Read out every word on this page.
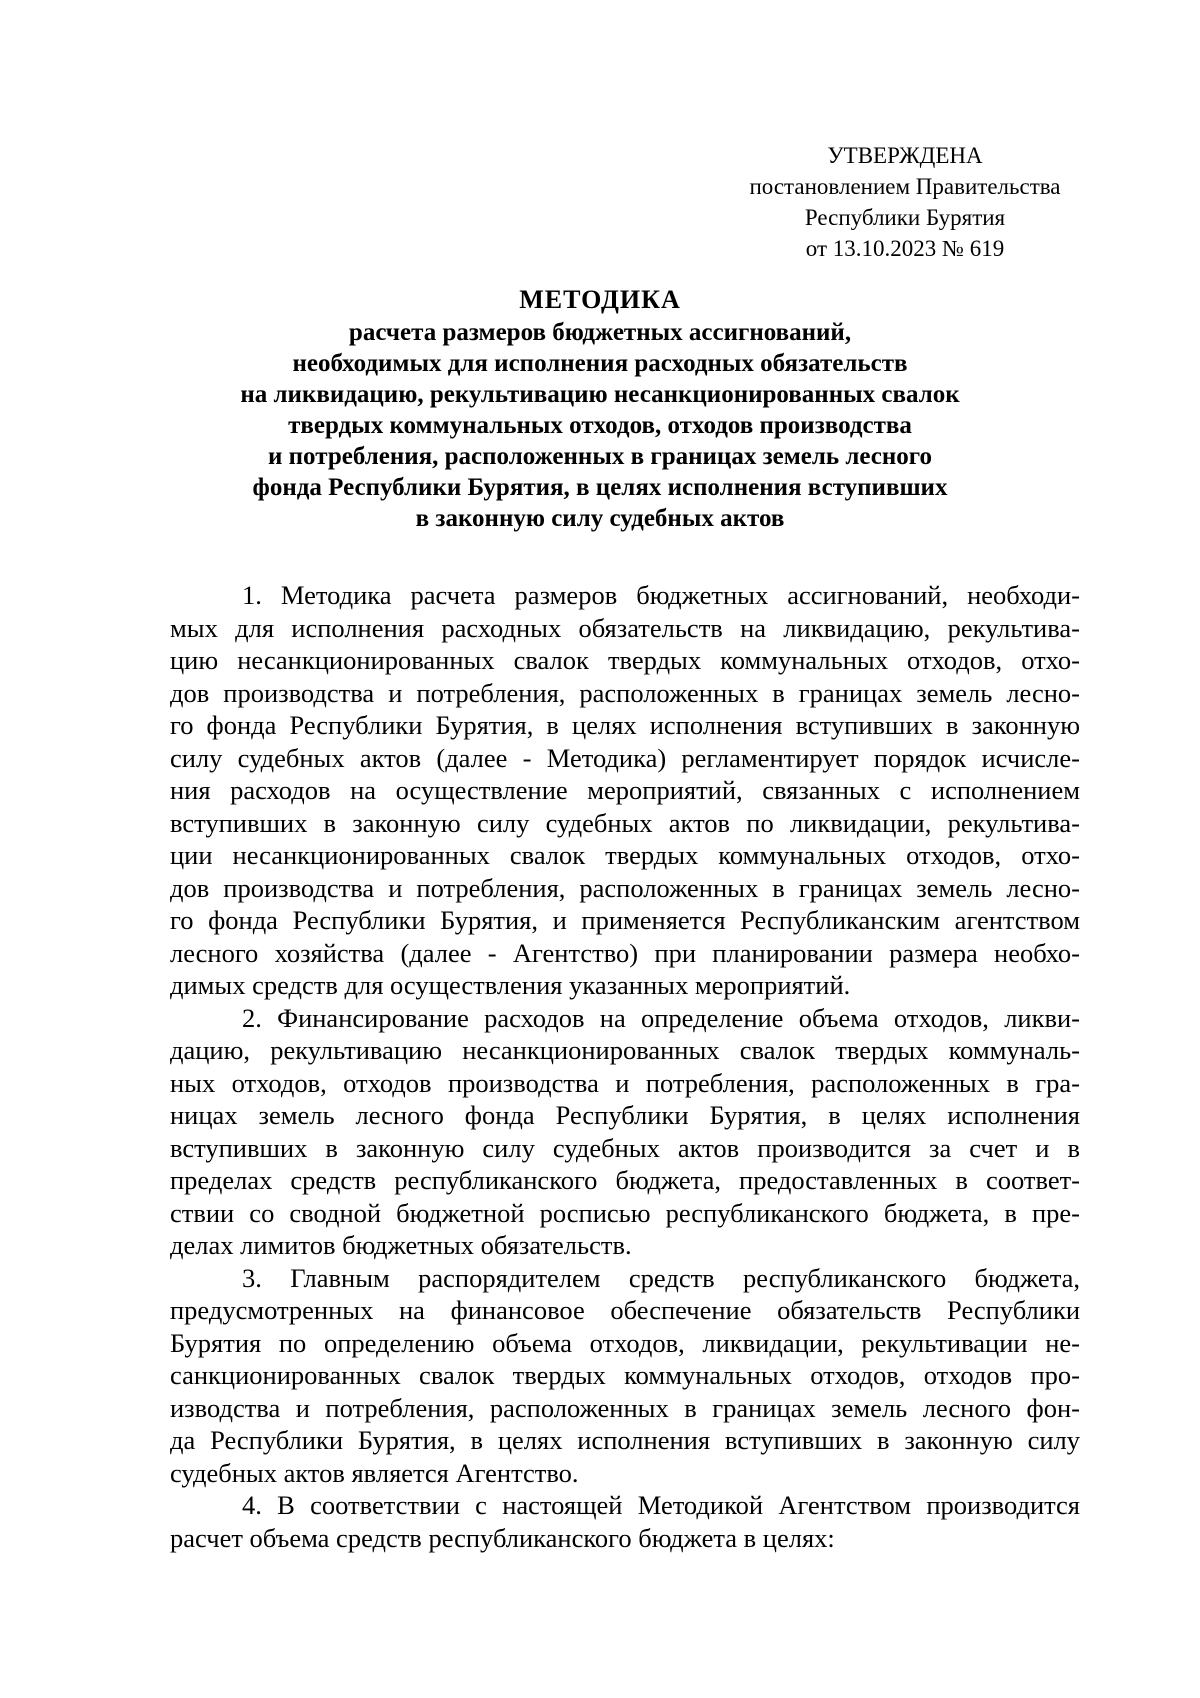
УТВЕРЖДЕНА
постановлением Правительства
Республики Бурятия
от 13.10.2023 № 619
МЕТОДИКА
расчета размеров бюджетных ассигнований,
необходимых для исполнения расходных обязательств
на ликвидацию, рекультивацию несанкционированных свалок
твердых коммунальных отходов, отходов производства
и потребления, расположенных в границах земель лесного
фонда Республики Бурятия, в целях исполнения вступивших
в законную силу судебных актов
1. Методика расчета размеров бюджетных ассигнований, необходи-
мых для исполнения расходных обязательств на ликвидацию, рекультива-
цию несанкционированных свалок твердых коммунальных отходов, отхо-
дов производства и потребления, расположенных в границах земель лесно-
го фонда Республики Бурятия, в целях исполнения вступивших в законную
силу судебных актов (далее - Методика) регламентирует порядок исчисле-
ния расходов на осуществление мероприятий, связанных с исполнением
вступивших в законную силу судебных актов по ликвидации, рекультива-
ции несанкционированных свалок твердых коммунальных отходов, отхо-
дов производства и потребления, расположенных в границах земель лесно-
го фонда Республики Бурятия, и применяется Республиканским агентством
лесного хозяйства (далее - Агентство) при планировании размера необхо-
димых средств для осуществления указанных мероприятий.
2. Финансирование расходов на определение объема отходов, ликви-
дацию, рекультивацию несанкционированных свалок твердых коммуналь-
ных отходов, отходов производства и потребления, расположенных в гра-
ницах земель лесного фонда Республики Бурятия, в целях исполнения
вступивших в законную силу судебных актов производится за счет и в
пределах средств республиканского бюджета, предоставленных в соответ-
ствии со сводной бюджетной росписью республиканского бюджета, в пре-
делах лимитов бюджетных обязательств.
3. Главным распорядителем средств республиканского бюджета,
предусмотренных на финансовое обеспечение обязательств Республики
Бурятия по определению объема отходов, ликвидации, рекультивации не-
санкционированных свалок твердых коммунальных отходов, отходов про-
изводства и потребления, расположенных в границах земель лесного фон-
да Республики Бурятия, в целях исполнения вступивших в законную силу
судебных актов является Агентство.
4. В соответствии с настоящей Методикой Агентством производится
расчет объема средств республиканского бюджета в целях:
